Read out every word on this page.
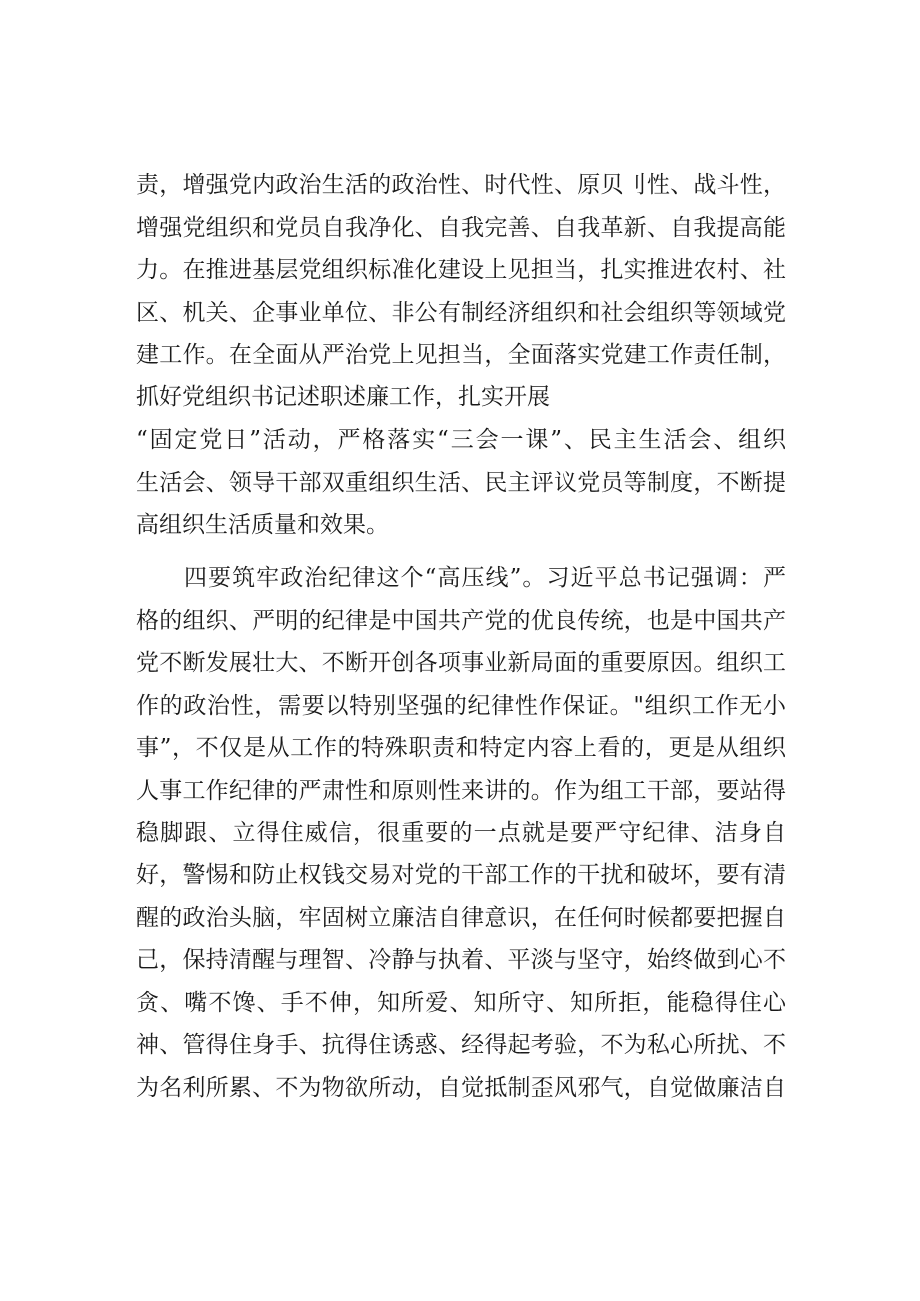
责，增强党内政治生活的政治性、时代性、原贝刂性、战斗性，
增强党组织和党员自我净化、自我完善、自我革新、自我提高能
力。在推进基层党组织标准化建设上见担当，扎实推进农村、社
区、机关、企事业单位、非公有制经济组织和社会组织等领域党
建工作。在全面从严治党上见担当，全面落实党建工作责任制，
抓好党组织书记述职述廉工作，扎实开展
“固定党日”活动，严格落实“三会一课”、民主生活会、组织
生活会、领导干部双重组织生活、民主评议党员等制度，不断提
高组织生活质量和效果。
四要筑牢政治纪律这个“高压线”。习近平总书记强调：严
格的组织、严明的纪律是中国共产党的优良传统，也是中国共产
党不断发展壮大、不断开创各项事业新局面的重要原因。组织工
作的政治性，需要以特别坚强的纪律性作保证。"组织工作无小
事”，不仅是从工作的特殊职责和特定内容上看的，更是从组织
人事工作纪律的严肃性和原则性来讲的。作为组工干部，要站得
稳脚跟、立得住威信，很重要的一点就是要严守纪律、洁身自
好，警惕和防止权钱交易对党的干部工作的干扰和破坏，要有清
醒的政治头脑，牢固树立廉洁自律意识，在任何时候都要把握自
己，保持清醒与理智、冷静与执着、平淡与坚守，始终做到心不
贪、嘴不馋、手不伸，知所爱、知所守、知所拒，能稳得住心
神、管得住身手、抗得住诱惑、经得起考验，不为私心所扰、不
为名利所累、不为物欲所动，自觉抵制歪风邪气，自觉做廉洁自
